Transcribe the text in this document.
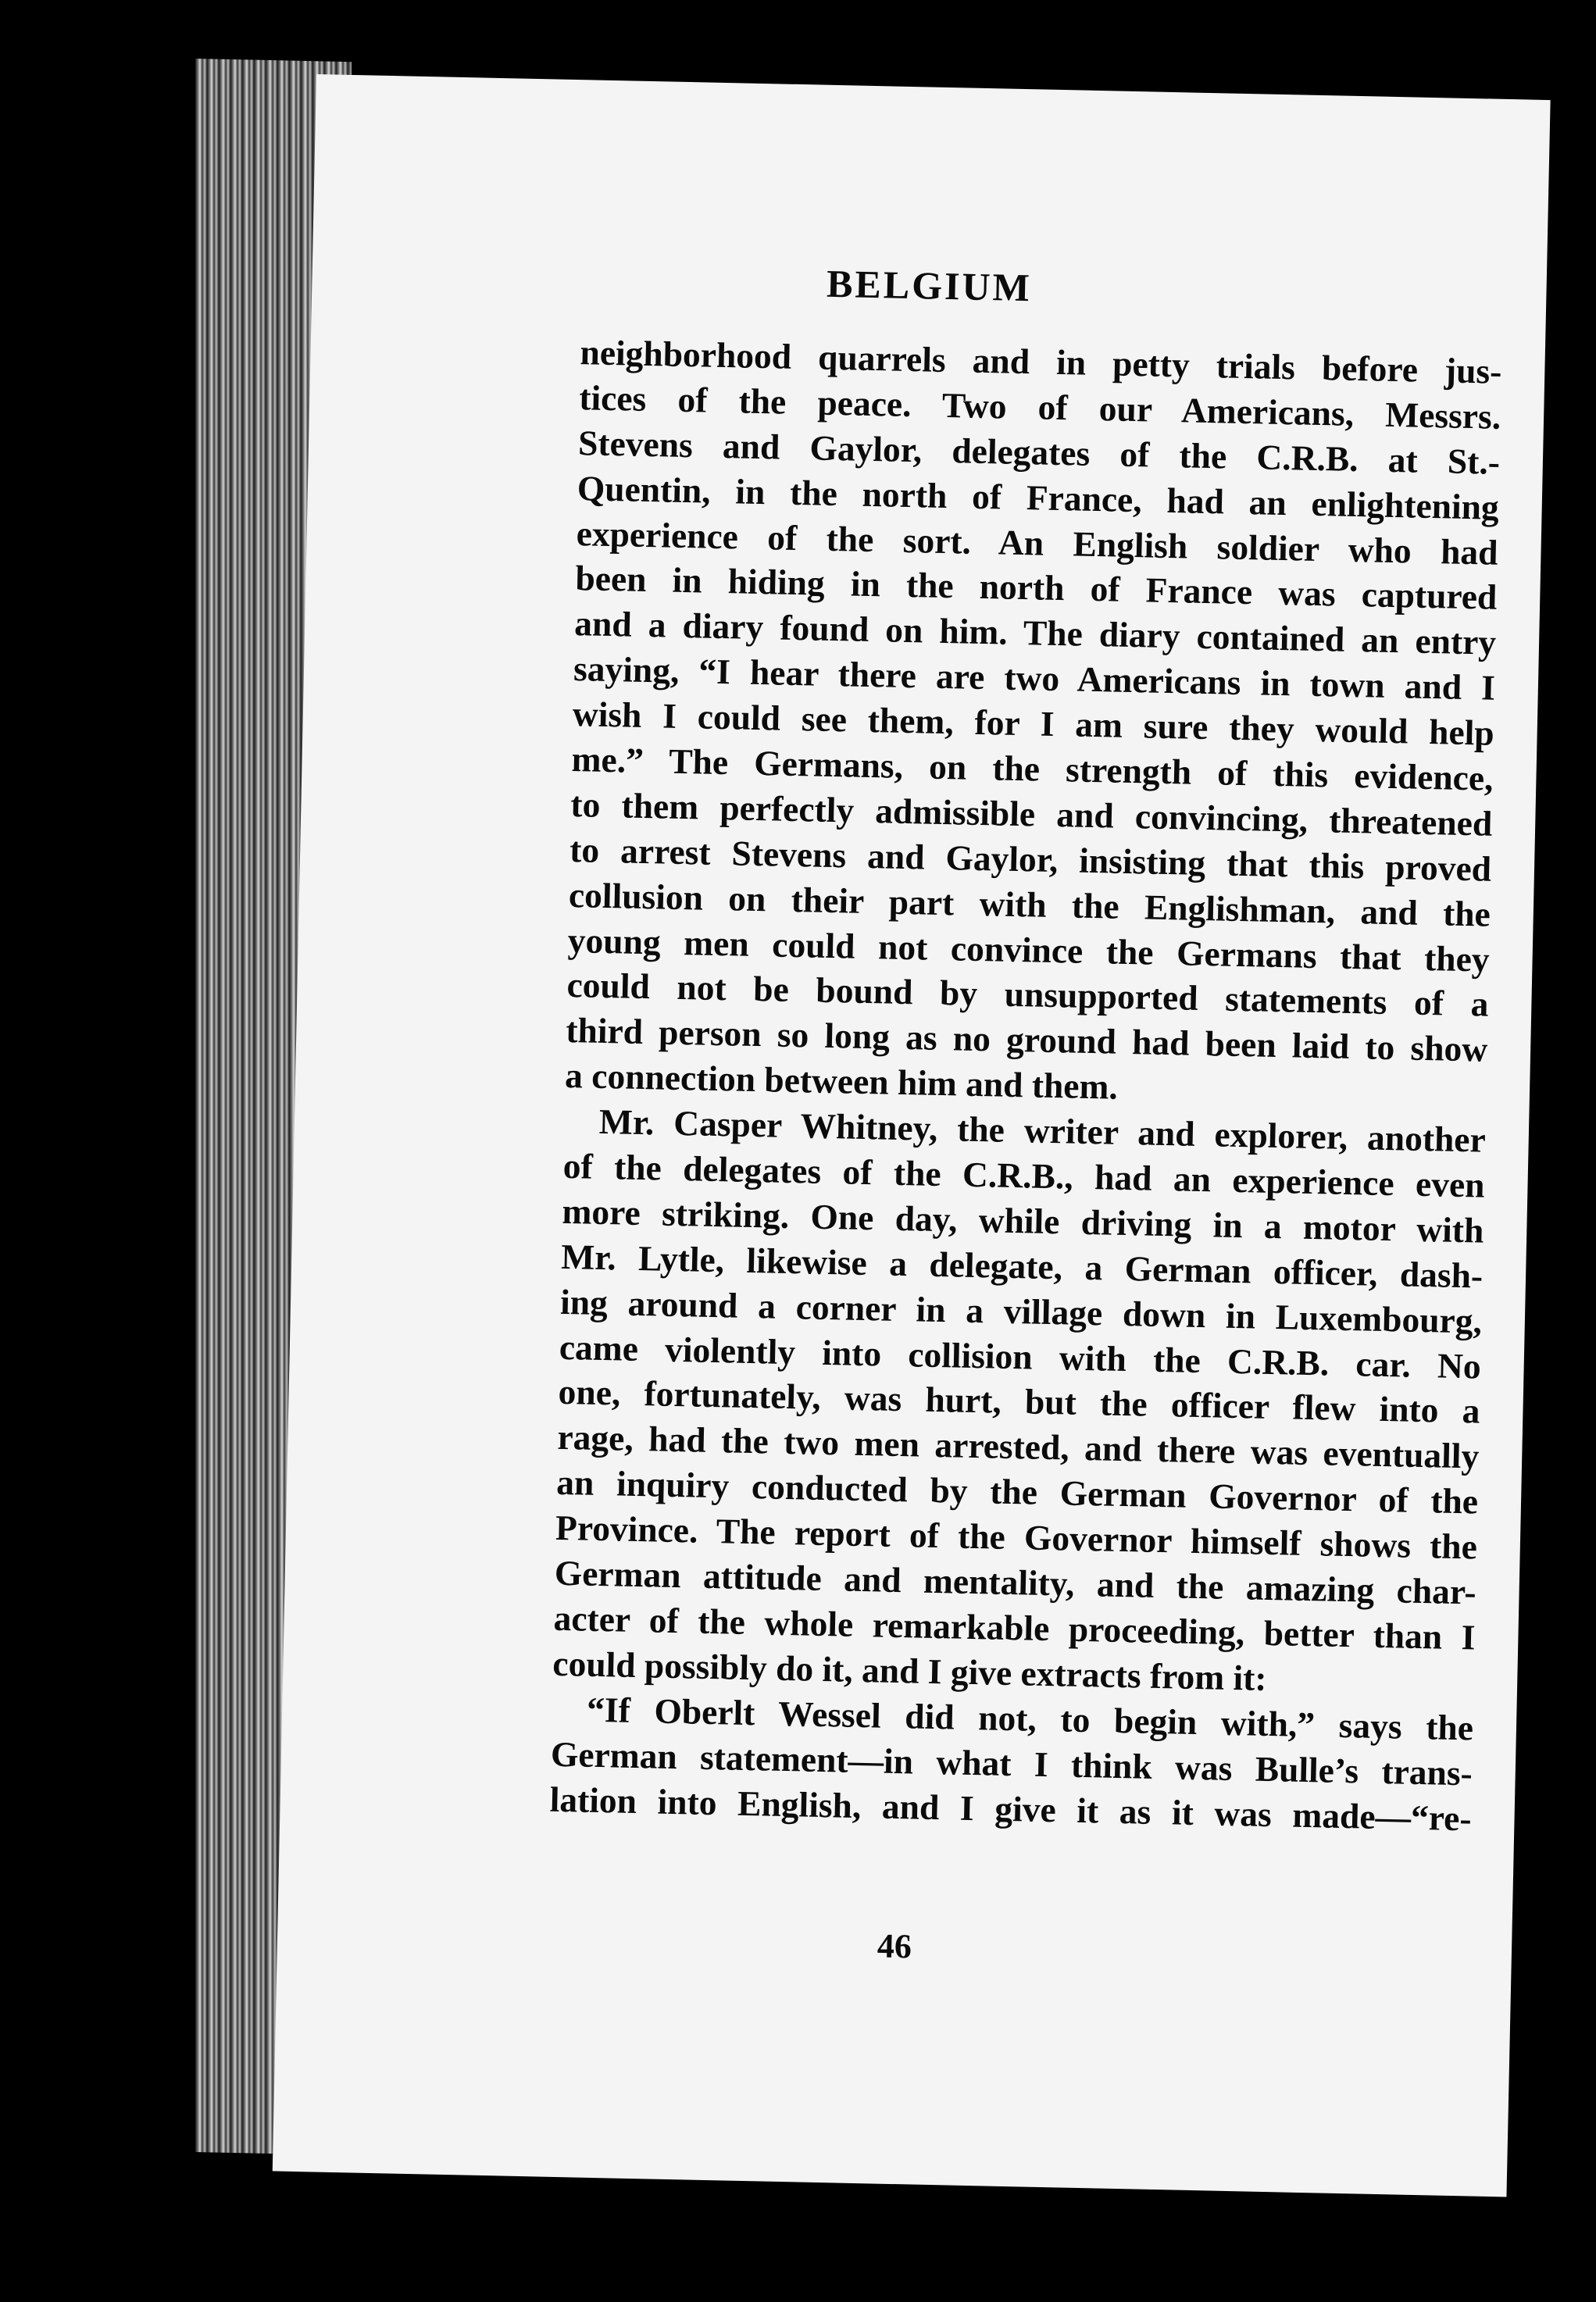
BELGIUM
neighborhood quarrels and in petty trials before jus-
tices of the peace. Two of our Americans, Messrs.
Stevens and Gaylor, delegates of the C.R.B. at St.-
Quentin, in the north of France, had an enlightening
experience of the sort. An English soldier who had
been in hiding in the north of France was captured
and a diary found on him. The diary contained an entry
saying, “I hear there are two Americans in town and I
wish I could see them, for I am sure they would help
me.” The Germans, on the strength of this evidence,
to them perfectly admissible and convincing, threatened
to arrest Stevens and Gaylor, insisting that this proved
collusion on their part with the Englishman, and the
young men could not convince the Germans that they
could not be bound by unsupported statements of a
third person so long as no ground had been laid to show
a connection between him and them.
Mr. Casper Whitney, the writer and explorer, another
of the delegates of the C.R.B., had an experience even
more striking. One day, while driving in a motor with
Mr. Lytle, likewise a delegate, a German officer, dash-
ing around a corner in a village down in Luxembourg,
came violently into collision with the C.R.B. car. No
one, fortunately, was hurt, but the officer flew into a
rage, had the two men arrested, and there was eventually
an inquiry conducted by the German Governor of the
Province. The report of the Governor himself shows the
German attitude and mentality, and the amazing char-
acter of the whole remarkable proceeding, better than I
could possibly do it, and I give extracts from it:
“If Oberlt Wessel did not, to begin with,” says the
German statement—in what I think was Bulle’s trans-
lation into English, and I give it as it was made—“re-
46
